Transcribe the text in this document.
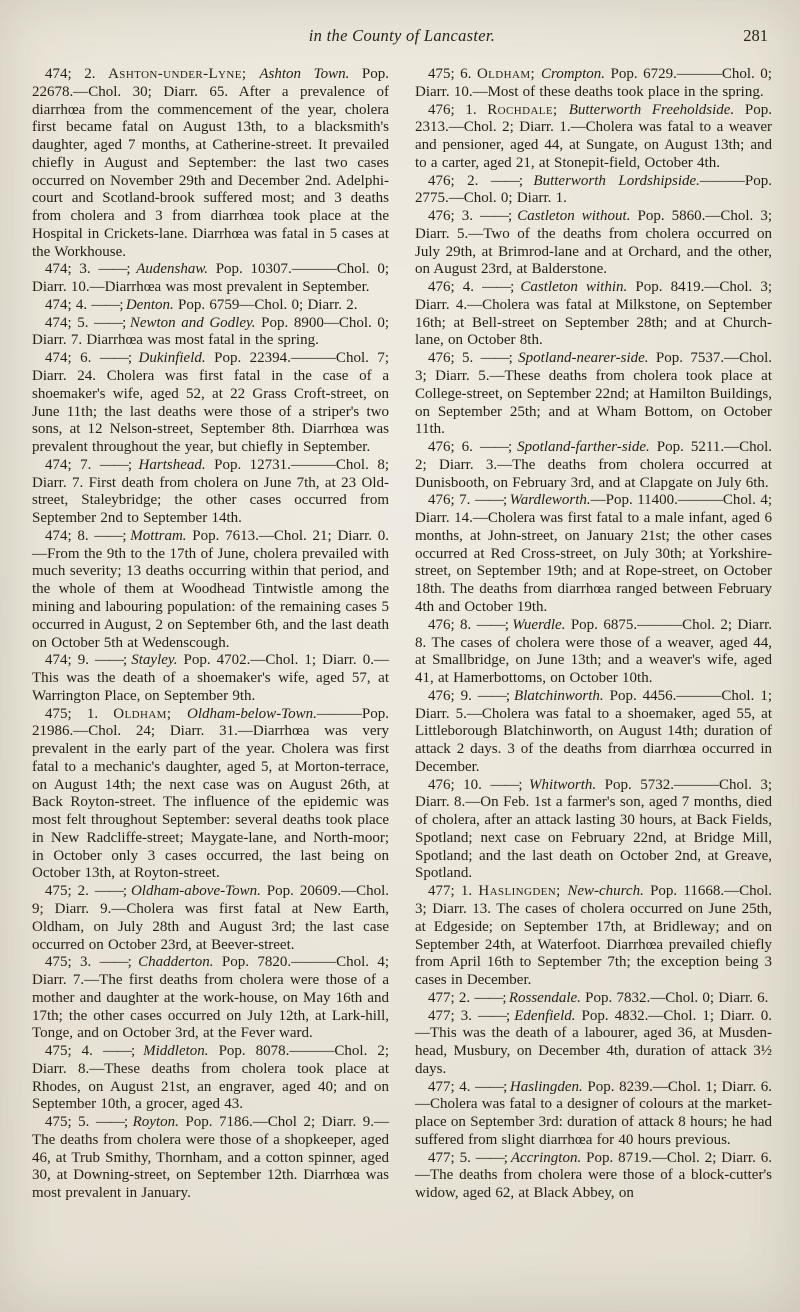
in the County of Lancaster.	281

474; 2. Ashton-under-Lyne; Ashton Town. Pop. 22678.—Chol. 30; Diarr. 65. After a prevalence of diarrhœa from the commencement of the year, cholera first became fatal on August 13th, to a blacksmith's daughter, aged 7 months, at Catherine-street. It prevailed chiefly in August and September: the last two cases occurred on November 29th and December 2nd. Adelphi-court and Scotland-brook suffered most; and 3 deaths from cholera and 3 from diarrhœa took place at the Hospital in Crickets-lane. Diarrhœa was fatal in 5 cases at the Workhouse.

474; 3. ——; Audenshaw. Pop. 10307.———Chol. 0; Diarr. 10.—Diarrhœa was most prevalent in September.

474; 4. ——; Denton. Pop. 6759—Chol. 0; Diarr. 2.

474; 5. ——; Newton and Godley. Pop. 8900—Chol. 0; Diarr. 7. Diarrhœa was most fatal in the spring.

474; 6. ——; Dukinfield. Pop. 22394.———Chol. 7; Diarr. 24. Cholera was first fatal in the case of a shoemaker's wife, aged 52, at 22 Grass Croft-street, on June 11th; the last deaths were those of a striper's two sons, at 12 Nelson-street, September 8th. Diarrhœa was prevalent throughout the year, but chiefly in September.

474; 7. ——; Hartshead. Pop. 12731.———Chol. 8; Diarr. 7. First death from cholera on June 7th, at 23 Old-street, Staleybridge; the other cases occurred from September 2nd to September 14th.

474; 8. ——; Mottram. Pop. 7613.—Chol. 21; Diarr. 0.—From the 9th to the 17th of June, cholera prevailed with much severity; 13 deaths occurring within that period, and the whole of them at Woodhead Tintwistle among the mining and labouring population: of the remaining cases 5 occurred in August, 2 on September 6th, and the last death on October 5th at Wedenscough.

474; 9. ——; Stayley. Pop. 4702.—Chol. 1; Diarr. 0.—This was the death of a shoemaker's wife, aged 57, at Warrington Place, on September 9th.

475; 1. Oldham; Oldham-below-Town.———Pop. 21986.—Chol. 24; Diarr. 31.—Diarrhœa was very prevalent in the early part of the year. Cholera was first fatal to a mechanic's daughter, aged 5, at Morton-terrace, on August 14th; the next case was on August 26th, at Back Royton-street. The influence of the epidemic was most felt throughout September: several deaths took place in New Radcliffe-street; Maygate-lane, and North-moor; in October only 3 cases occurred, the last being on October 13th, at Royton-street.

475; 2. ——; Oldham-above-Town. Pop. 20609.—Chol. 9; Diarr. 9.—Cholera was first fatal at New Earth, Oldham, on July 28th and August 3rd; the last case occurred on October 23rd, at Beever-street.

475; 3. ——; Chadderton. Pop. 7820.———Chol. 4; Diarr. 7.—The first deaths from cholera were those of a mother and daughter at the work-house, on May 16th and 17th; the other cases occurred on July 12th, at Lark-hill, Tonge, and on October 3rd, at the Fever ward.

475; 4. ——; Middleton. Pop. 8078.———Chol. 2; Diarr. 8.—These deaths from cholera took place at Rhodes, on August 21st, an engraver, aged 40; and on September 10th, a grocer, aged 43.

475; 5. ——; Royton. Pop. 7186.—Chol 2; Diarr. 9.—The deaths from cholera were those of a shopkeeper, aged 46, at Trub Smithy, Thornham, and a cotton spinner, aged 30, at Downing-street, on September 12th. Diarrhœa was most prevalent in January.

475; 6. Oldham; Crompton. Pop. 6729.———Chol. 0; Diarr. 10.—Most of these deaths took place in the spring.

476; 1. Rochdale; Butterworth Freeholdside. Pop. 2313.—Chol. 2; Diarr. 1.—Cholera was fatal to a weaver and pensioner, aged 44, at Sungate, on August 13th; and to a carter, aged 21, at Stonepit-field, October 4th.

476; 2. ——; Butterworth Lordshipside.———Pop. 2775.—Chol. 0; Diarr. 1.

476; 3. ——; Castleton without. Pop. 5860.—Chol. 3; Diarr. 5.—Two of the deaths from cholera occurred on July 29th, at Brimrod-lane and at Orchard, and the other, on August 23rd, at Balderstone.

476; 4. ——; Castleton within. Pop. 8419.—Chol. 3; Diarr. 4.—Cholera was fatal at Milkstone, on September 16th; at Bell-street on September 28th; and at Church-lane, on October 8th.

476; 5. ——; Spotland-nearer-side. Pop. 7537.—Chol. 3; Diarr. 5.—These deaths from cholera took place at College-street, on September 22nd; at Hamilton Buildings, on September 25th; and at Wham Bottom, on October 11th.

476; 6. ——; Spotland-farther-side. Pop. 5211.—Chol. 2; Diarr. 3.—The deaths from cholera occurred at Dunisbooth, on February 3rd, and at Clapgate on July 6th.

476; 7. ——; Wardleworth.—Pop. 11400.———Chol. 4; Diarr. 14.—Cholera was first fatal to a male infant, aged 6 months, at John-street, on January 21st; the other cases occurred at Red Cross-street, on July 30th; at Yorkshire-street, on September 19th; and at Rope-street, on October 18th. The deaths from diarrhœa ranged between February 4th and October 19th.

476; 8. ——; Wuerdle. Pop. 6875.———Chol. 2; Diarr. 8. The cases of cholera were those of a weaver, aged 44, at Smallbridge, on June 13th; and a weaver's wife, aged 41, at Hamerbottoms, on October 10th.

476; 9. ——; Blatchinworth. Pop. 4456.———Chol. 1; Diarr. 5.—Cholera was fatal to a shoemaker, aged 55, at Littleborough Blatchinworth, on August 14th; duration of attack 2 days. 3 of the deaths from diarrhœa occurred in December.

476; 10. ——; Whitworth. Pop. 5732.———Chol. 3; Diarr. 8.—On Feb. 1st a farmer's son, aged 7 months, died of cholera, after an attack lasting 30 hours, at Back Fields, Spotland; next case on February 22nd, at Bridge Mill, Spotland; and the last death on October 2nd, at Greave, Spotland.

477; 1. Haslingden; New-church. Pop. 11668.—Chol. 3; Diarr. 13. The cases of cholera occurred on June 25th, at Edgeside; on September 17th, at Bridleway; and on September 24th, at Waterfoot. Diarrhœa prevailed chiefly from April 16th to September 7th; the exception being 3 cases in December.

477; 2. ——; Rossendale. Pop. 7832.—Chol. 0; Diarr. 6.

477; 3. ——; Edenfield. Pop. 4832.—Chol. 1; Diarr. 0.—This was the death of a labourer, aged 36, at Musden-head, Musbury, on December 4th, duration of attack 3½ days.

477; 4. ——; Haslingden. Pop. 8239.—Chol. 1; Diarr. 6.—Cholera was fatal to a designer of colours at the market-place on September 3rd: duration of attack 8 hours; he had suffered from slight diarrhœa for 40 hours previous.

477; 5. ——; Accrington. Pop. 8719.—Chol. 2; Diarr. 6.—The deaths from cholera were those of a block-cutter's widow, aged 62, at Black Abbey, on
